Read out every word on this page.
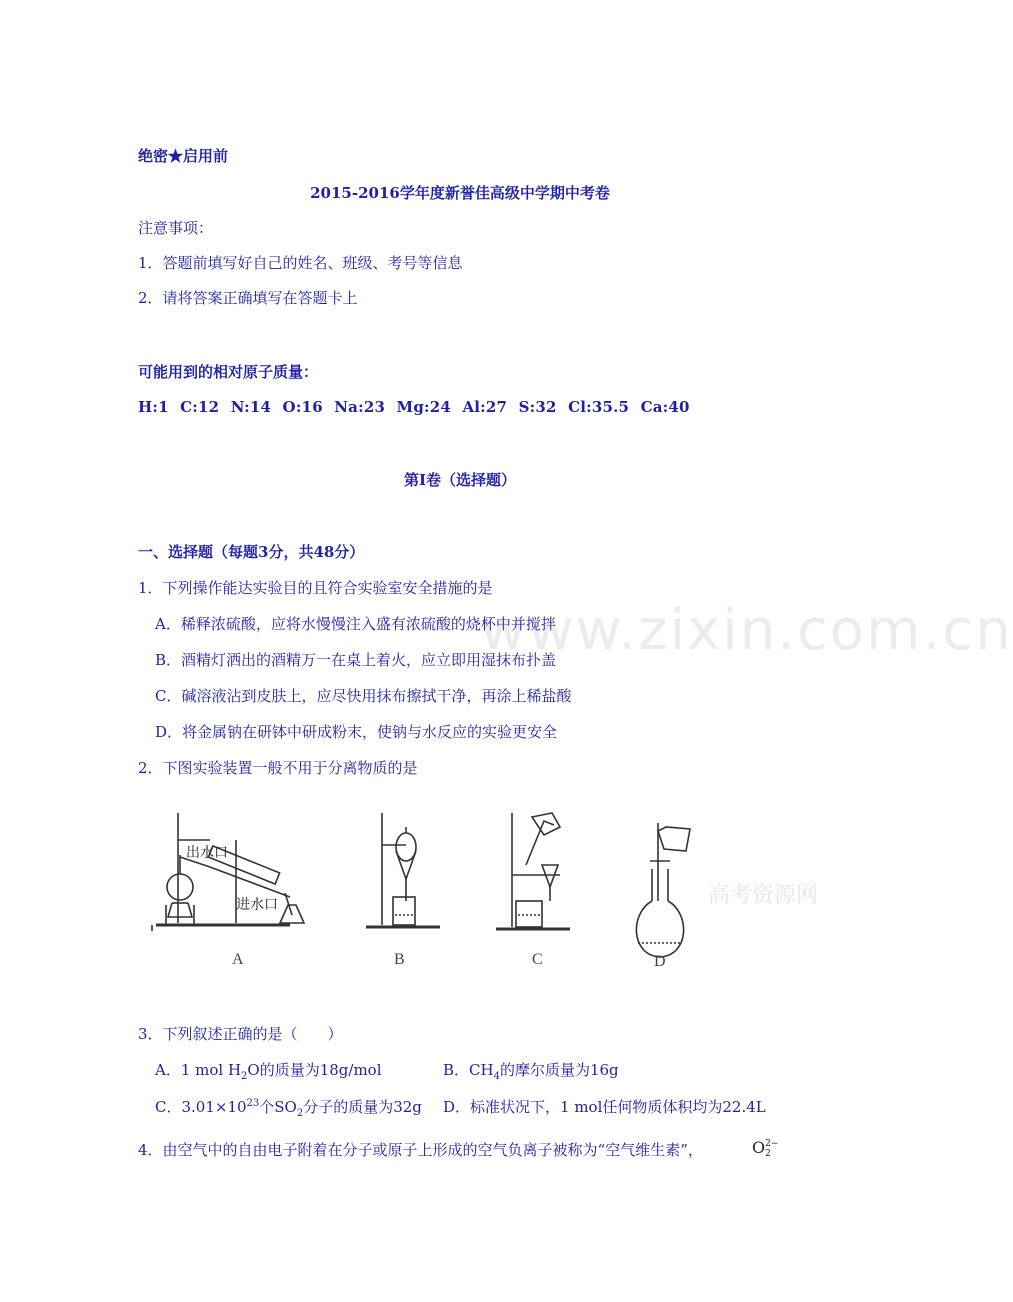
绝密★启用前
2015-2016学年度新誉佳高级中学期中考卷
注意事项：
1．答题前填写好自己的姓名、班级、考号等信息
2．请将答案正确填写在答题卡上
可能用到的相对原子质量：
H:1 C:12 N:14 O:16 Na:23 Mg:24 Al:27 S:32 Cl:35.5 Ca:40
第Ⅰ卷（选择题）
一、选择题（每题3分，共48分）
www.zixin.com.cn
1．下列操作能达实验目的且符合实验室安全措施的是
A．稀释浓硫酸，应将水慢慢注入盛有浓硫酸的烧杯中并搅拌
B．酒精灯洒出的酒精万一在桌上着火，应立即用湿抹布扑盖
C．碱溶液沾到皮肤上，应尽快用抹布擦拭干净，再涂上稀盐酸
D．将金属钠在研钵中研成粉末，使钠与水反应的实验更安全
2．下图实验装置一般不用于分离物质的是
出水口
进水口
A	B	C	D
高考资源网
3．下列叙述正确的是（　　）
A．1 mol $H_2O$的质量为18g/mol	B．$CH_4$的摩尔质量为16g
C．$3.01\times 10^{23}$个$SO_2$分子的质量为32g D．标准状况下，1 mol任何物质体积均为22.4L
4．由空气中的自由电子附着在分子或原子上形成的空气负离子被称为“空气维生素”，	O 2−
2
